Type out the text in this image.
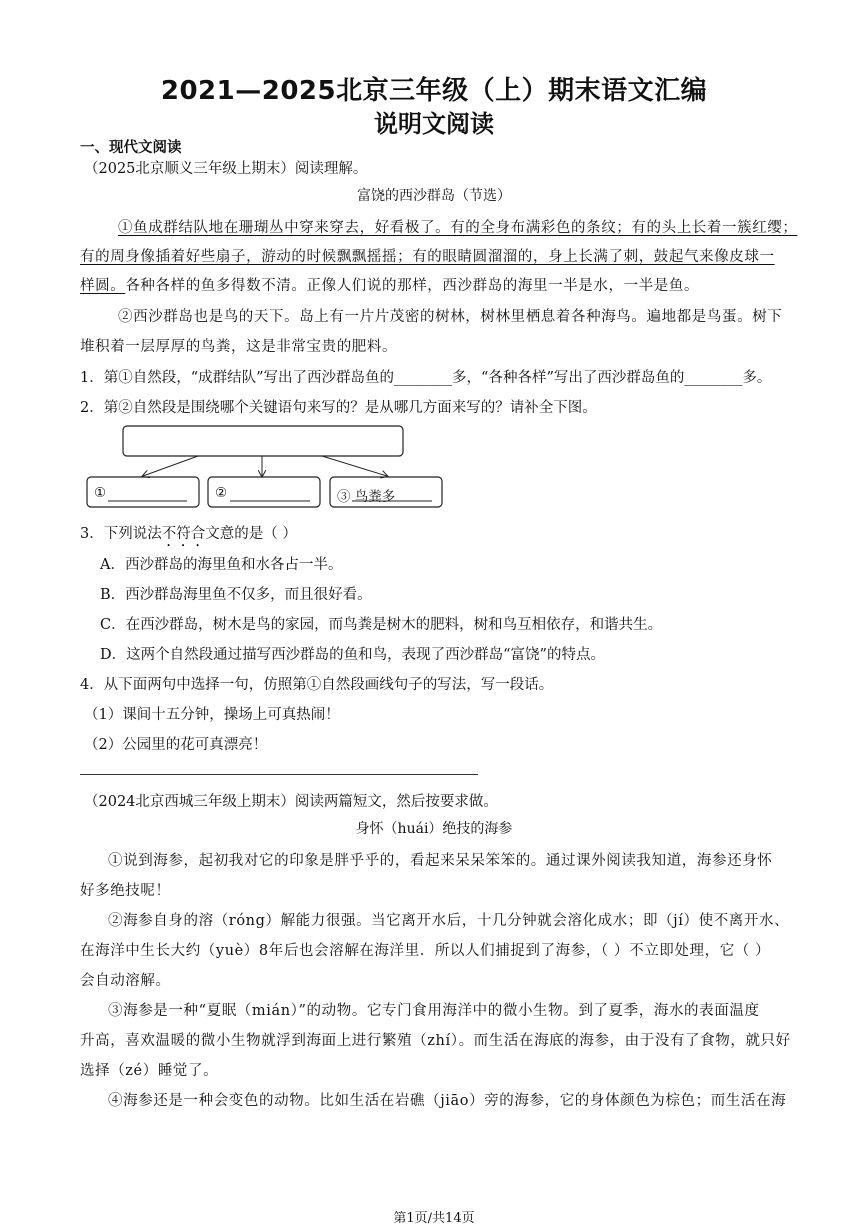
2021—2025北京三年级（上）期末语文汇编
说明文阅读
一、现代文阅读
（2025北京顺义三年级上期末）阅读理解。
富饶的西沙群岛（节选）
①鱼成群结队地在珊瑚丛中穿来穿去，好看极了。有的全身布满彩色的条纹；有的头上长着一簇红缨；
有的周身像插着好些扇子，游动的时候飘飘摇摇；有的眼睛圆溜溜的，身上长满了刺，鼓起气来像皮球一
样圆。各种各样的鱼多得数不清。正像人们说的那样，西沙群岛的海里一半是水，一半是鱼。
②西沙群岛也是鸟的天下。岛上有一片片茂密的树林，树林里栖息着各种海鸟。遍地都是鸟蛋。树下
堆积着一层厚厚的鸟粪，这是非常宝贵的肥料。
1．第①自然段，“成群结队”写出了西沙群岛鱼的________多，“各种各样”写出了西沙群岛鱼的________多。
2．第②自然段是围绕哪个关键语句来写的？是从哪几方面来写的？请补全下图。
①	②	③ 鸟粪多
3．下列说法不符合文意的是（ ）
A．西沙群岛的海里鱼和水各占一半。
B．西沙群岛海里鱼不仅多，而且很好看。
C．在西沙群岛，树木是鸟的家园，而鸟粪是树木的肥料，树和鸟互相依存，和谐共生。
D．这两个自然段通过描写西沙群岛的鱼和鸟，表现了西沙群岛“富饶”的特点。
4．从下面两句中选择一句，仿照第①自然段画线句子的写法，写一段话。
（1）课间十五分钟，操场上可真热闹！
（2）公园里的花可真漂亮！
（2024北京西城三年级上期末）阅读两篇短文，然后按要求做。
身怀（huái）绝技的海参
①说到海参，起初我对它的印象是胖乎乎的，看起来呆呆笨笨的。通过课外阅读我知道，海参还身怀
好多绝技呢！
②海参自身的溶（róng）解能力很强。当它离开水后，十几分钟就会溶化成水；即（jí）使不离开水、
在海洋中生长大约（yuè）8年后也会溶解在海洋里．所以人们捕捉到了海参，（ ）不立即处理，它（ ）
会自动溶解。
③海参是一种“夏眠（mián）”的动物。它专门食用海洋中的微小生物。到了夏季，海水的表面温度
升高，喜欢温暖的微小生物就浮到海面上进行繁殖（zhí）。而生活在海底的海参，由于没有了食物，就只好
选择（zé）睡觉了。
④海参还是一种会变色的动物。比如生活在岩礁（jiāo）旁的海参，它的身体颜色为棕色；而生活在海
第1页/共14页
